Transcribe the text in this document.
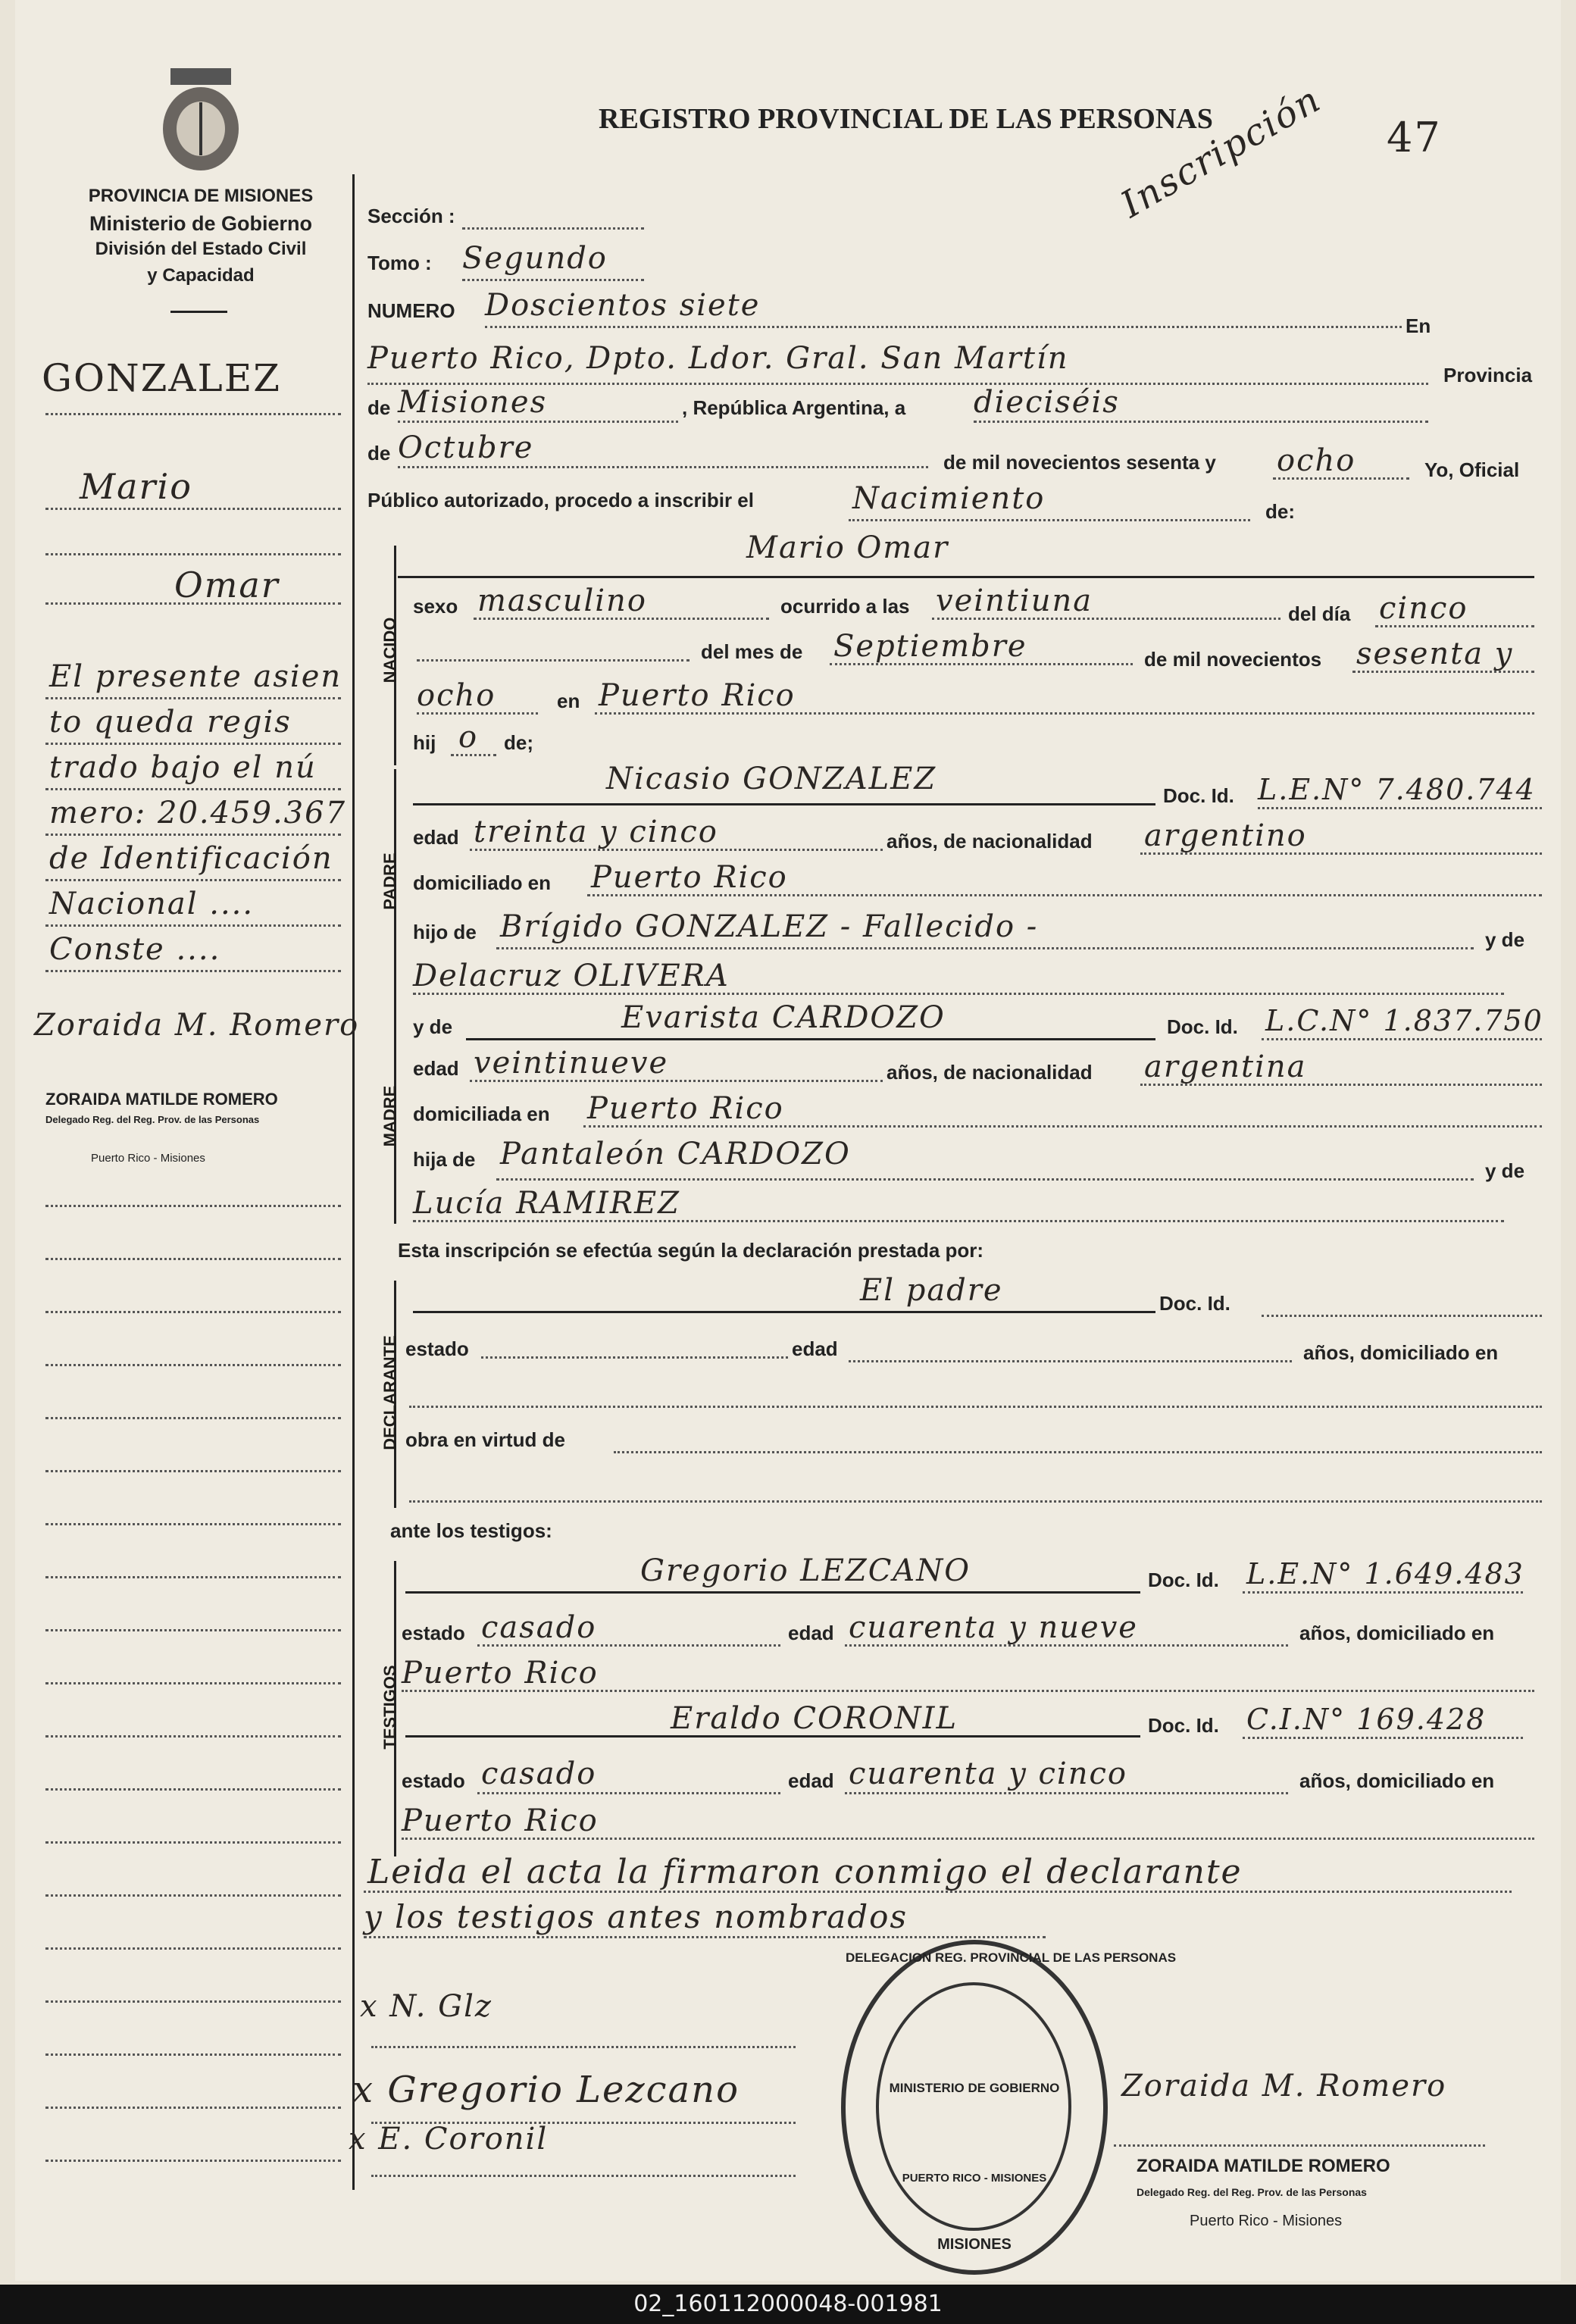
PROVINCIA DE MISIONES
Ministerio de Gobierno
División del Estado Civil
y Capacidad
REGISTRO PROVINCIAL DE LAS PERSONAS	47
Inscripción
GONZALEZ
Mario
Omar
El presente asien
to queda regis
trado bajo el nú
mero: 20.459.367
de Identificación
Nacional ....
Conste ....
Zoraida M. Romero
ZORAIDA MATILDE ROMERO
Delegado Reg. del Reg. Prov. de las Personas
Puerto Rico - Misiones
Sección :
Tomo : Segundo
NUMERO Doscientos siete
En
Puerto Rico, Dpto. Ldor. Gral. San Martín	Provincia
de Misiones	, República Argentina, a dieciséis
de Octubre	de mil novecientos sesenta y ocho	Yo, Oficial
Público autorizado, procedo a inscribir el	Nacimiento	de:
NACIDO
Mario Omar
sexo masculino	ocurrido a las veintiuna	del día cinco
del mes de Septiembre	de mil novecientos sesenta y
ocho	en Puerto Rico
hij o de;
PADRE
Nicasio GONZALEZ	Doc. Id. L.E.N° 7.480.744
edad treinta y cinco	años, de nacionalidad argentino
domiciliado en Puerto Rico
hijo de Brígido GONZALEZ - Fallecido -	y de
Delacruz OLIVERA
MADRE
y de	Evarista CARDOZO	Doc. Id. L.C.N° 1.837.750
edad veintinueve	años, de nacionalidad argentina
domiciliada en Puerto Rico
hija de Pantaleón CARDOZO	y de
Lucía RAMIREZ
Esta inscripción se efectúa según la declaración prestada por:
DECLARANTE
El padre	Doc. Id.
estado	edad	años, domiciliado en
obra en virtud de
ante los testigos:
TESTIGOS
Gregorio LEZCANO	Doc. Id. L.E.N° 1.649.483
estado casado	edad cuarenta y nueve	años, domiciliado en
Puerto Rico
Eraldo CORONIL	Doc. Id. C.I.N° 169.428
estado casado	edad cuarenta y cinco	años, domiciliado en
Puerto Rico
Leida el acta la firmaron conmigo el declarante
y los testigos antes nombrados
x N. Glz
x Gregorio Lezcano
x E. Coronil
DELEGACION REG. PROVINCIAL DE LAS PERSONAS
MINISTERIO DE GOBIERNO
PUERTO RICO - MISIONES
MISIONES
Zoraida M. Romero
ZORAIDA MATILDE ROMERO
Delegado Reg. del Reg. Prov. de las Personas
Puerto Rico - Misiones
02_160112000048-001981
